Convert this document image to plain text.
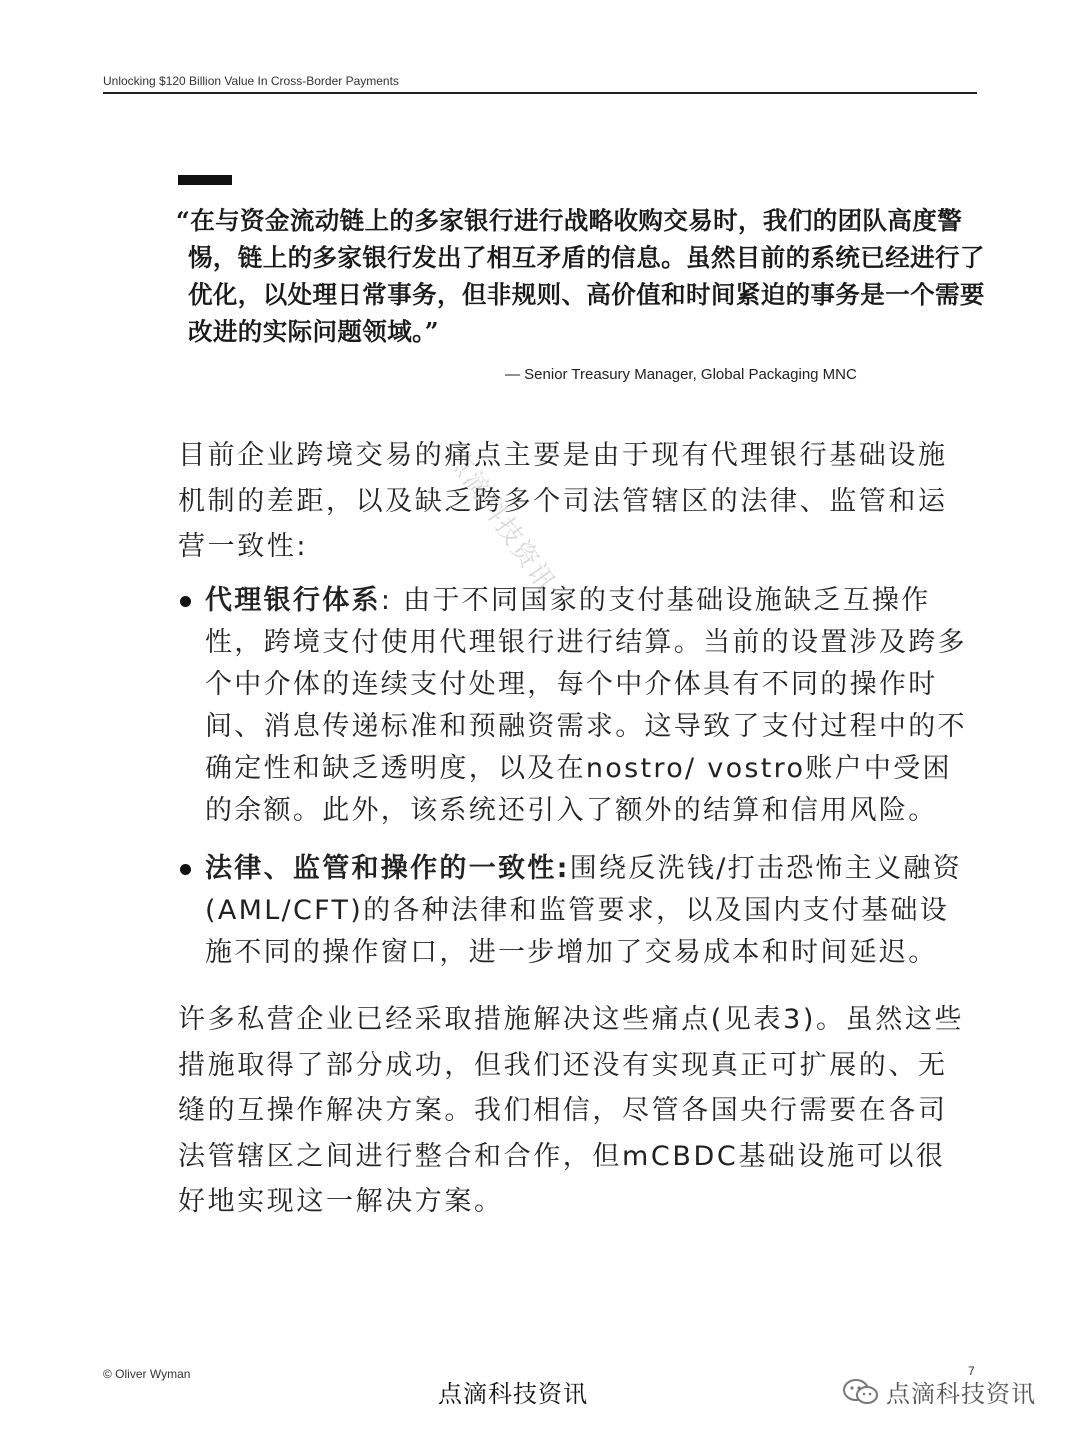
Unlocking $120 Billion Value In Cross-Border Payments
“在与资金流动链上的多家银行进行战略收购交易时，我们的团队高度警惕，链上的多家银行发出了相互矛盾的信息。虽然目前的系统已经进行了优化，以处理日常事务，但非规则、高价值和时间紧迫的事务是一个需要改进的实际问题领域。”
— Senior Treasury Manager, Global Packaging MNC
点滴科技资讯
目前企业跨境交易的痛点主要是由于现有代理银行基础设施机制的差距，以及缺乏跨多个司法管辖区的法律、监管和运营一致性:
代理银行体系: 由于不同国家的支付基础设施缺乏互操作性，跨境支付使用代理银行进行结算。当前的设置涉及跨多个中介体的连续支付处理，每个中介体具有不同的操作时间、消息传递标准和预融资需求。这导致了支付过程中的不确定性和缺乏透明度，以及在nostro/ vostro账户中受困的余额。此外，该系统还引入了额外的结算和信用风险。
法律、监管和操作的一致性:围绕反洗钱/打击恐怖主义融资(AML/CFT)的各种法律和监管要求，以及国内支付基础设施不同的操作窗口，进一步增加了交易成本和时间延迟。
许多私营企业已经采取措施解决这些痛点(见表3)。虽然这些措施取得了部分成功，但我们还没有实现真正可扩展的、无缝的互操作解决方案。我们相信，尽管各国央行需要在各司法管辖区之间进行整合和合作，但mCBDC基础设施可以很好地实现这一解决方案。
© Oliver Wyman
点滴科技资讯
7
点滴科技资讯
